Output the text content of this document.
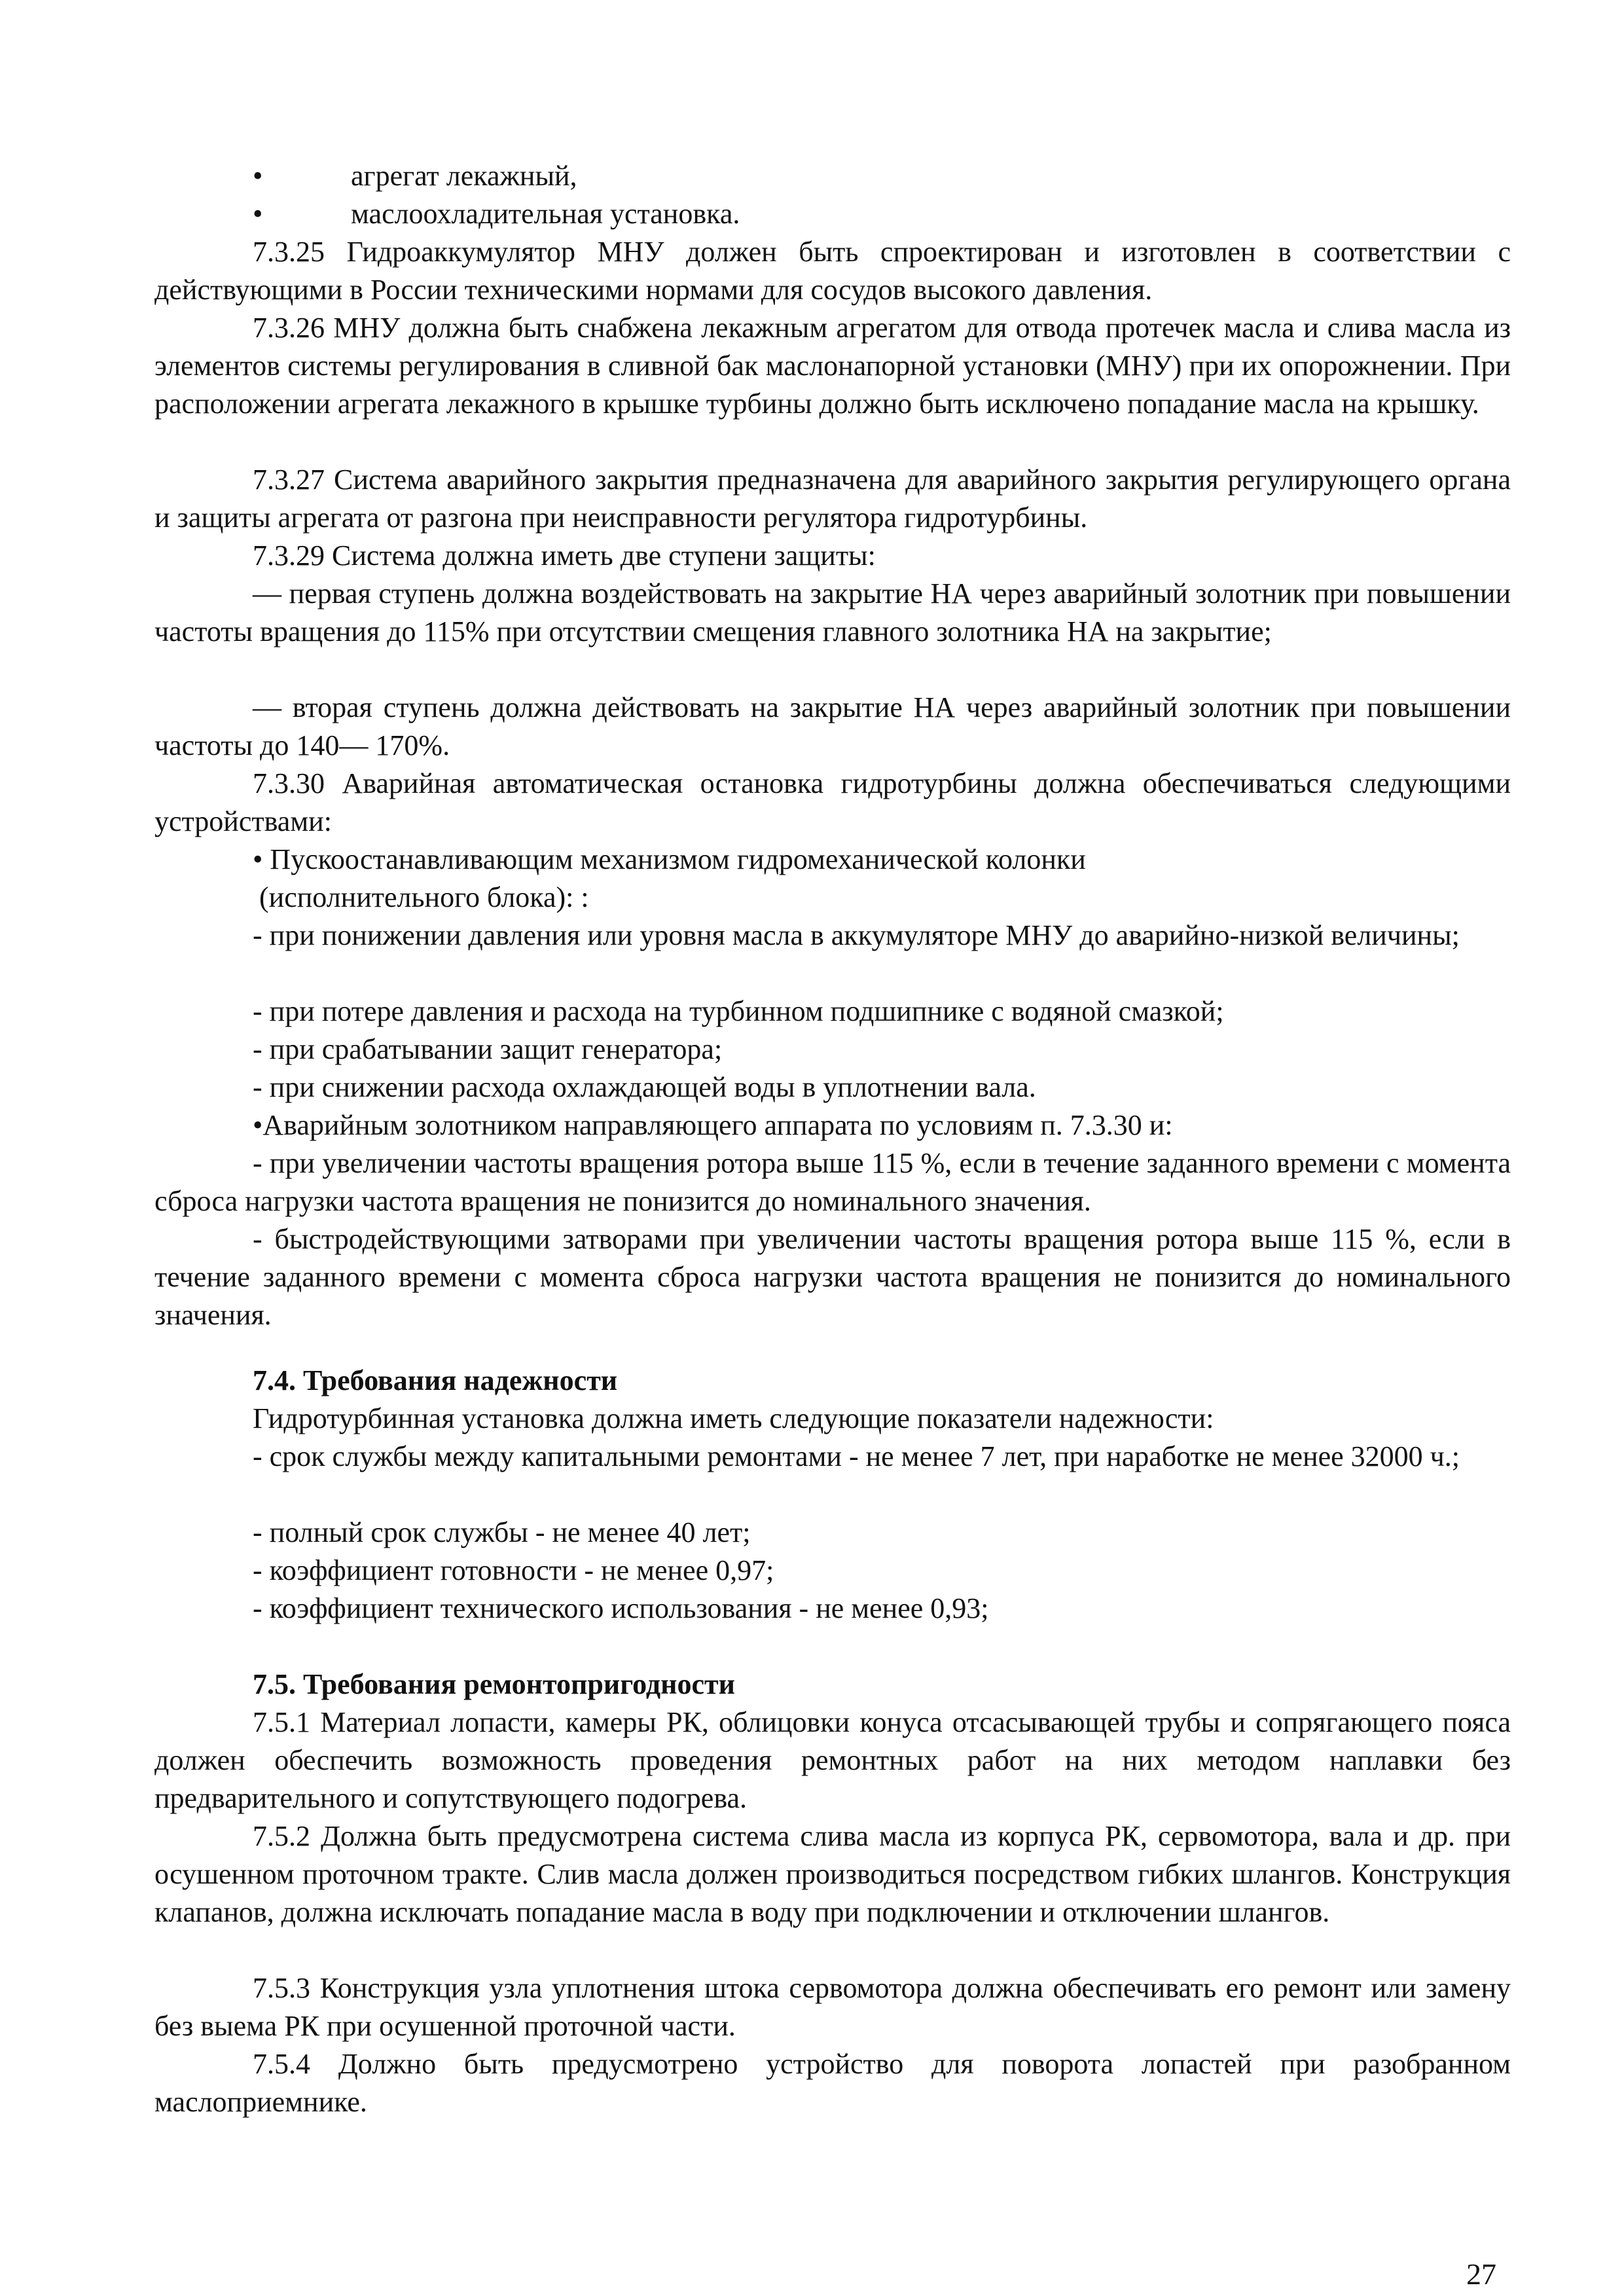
•	агрегат лекажный,
•	маслоохладительная установка.
7.3.25 Гидроаккумулятор МНУ должен быть спроектирован и изготовлен в соответствии с действующими в России техническими нормами для сосудов высокого давления.
7.3.26 МНУ должна быть снабжена лекажным агрегатом для отвода протечек масла и слива масла из элементов системы регулирования в сливной бак маслонапорной установки (МНУ) при их опорожнении. При расположении агрегата лекажного в крышке турбины должно быть исключено попадание масла на крышку.
7.3.27 Система аварийного закрытия предназначена для аварийного закрытия регулирующего органа и защиты агрегата от разгона при неисправности регулятора гидротурбины.
7.3.29 Система должна иметь две ступени защиты:
— первая ступень должна воздействовать на закрытие НА через аварийный золотник при повышении частоты вращения до 115% при отсутствии смещения главного золотника НА на закрытие;
— вторая ступень должна действовать на закрытие НА через аварийный золотник при повышении частоты до 140— 170%.
7.3.30 Аварийная автоматическая остановка гидротурбины должна обеспечиваться следующими устройствами:
• Пускоостанавливающим механизмом гидромеханической колонки
(исполнительного блока): :
- при понижении давления или уровня масла в аккумуляторе МНУ до аварийно-низкой величины;
- при потере давления и расхода на турбинном подшипнике с водяной смазкой;
- при срабатывании защит генератора;
- при снижении расхода охлаждающей воды в уплотнении вала.
•Аварийным золотником направляющего аппарата по условиям п. 7.3.30 и:
- при увеличении частоты вращения ротора выше 115 %, если в течение заданного времени с момента сброса нагрузки частота вращения не понизится до номинального значения.
- быстродействующими затворами при увеличении частоты вращения ротора выше 115 %, если в течение заданного времени с момента сброса нагрузки частота вращения не понизится до номинального значения.
7.4. Требования надежности
Гидротурбинная установка должна иметь следующие показатели надежности:
- срок службы между капитальными ремонтами - не менее 7 лет, при наработке не менее 32000 ч.;
- полный срок службы - не менее 40 лет;
- коэффициент готовности - не менее 0,97;
- коэффициент технического использования - не менее 0,93;
7.5. Требования ремонтопригодности
7.5.1 Материал лопасти, камеры РК, облицовки конуса отсасывающей трубы и сопрягающего пояса должен обеспечить возможность проведения ремонтных работ на них методом наплавки без предварительного и сопутствующего подогрева.
7.5.2 Должна быть предусмотрена система слива масла из корпуса РК, сервомотора, вала и др. при осушенном проточном тракте. Слив масла должен производиться посредством гибких шлангов. Конструкция клапанов, должна исключать попадание масла в воду при подключении и отключении шлангов.
7.5.3 Конструкция узла уплотнения штока сервомотора должна обеспечивать его ремонт или замену без выема РК при осушенной проточной части.
7.5.4 Должно быть предусмотрено устройство для поворота лопастей при разобранном маслоприемнике.
27
